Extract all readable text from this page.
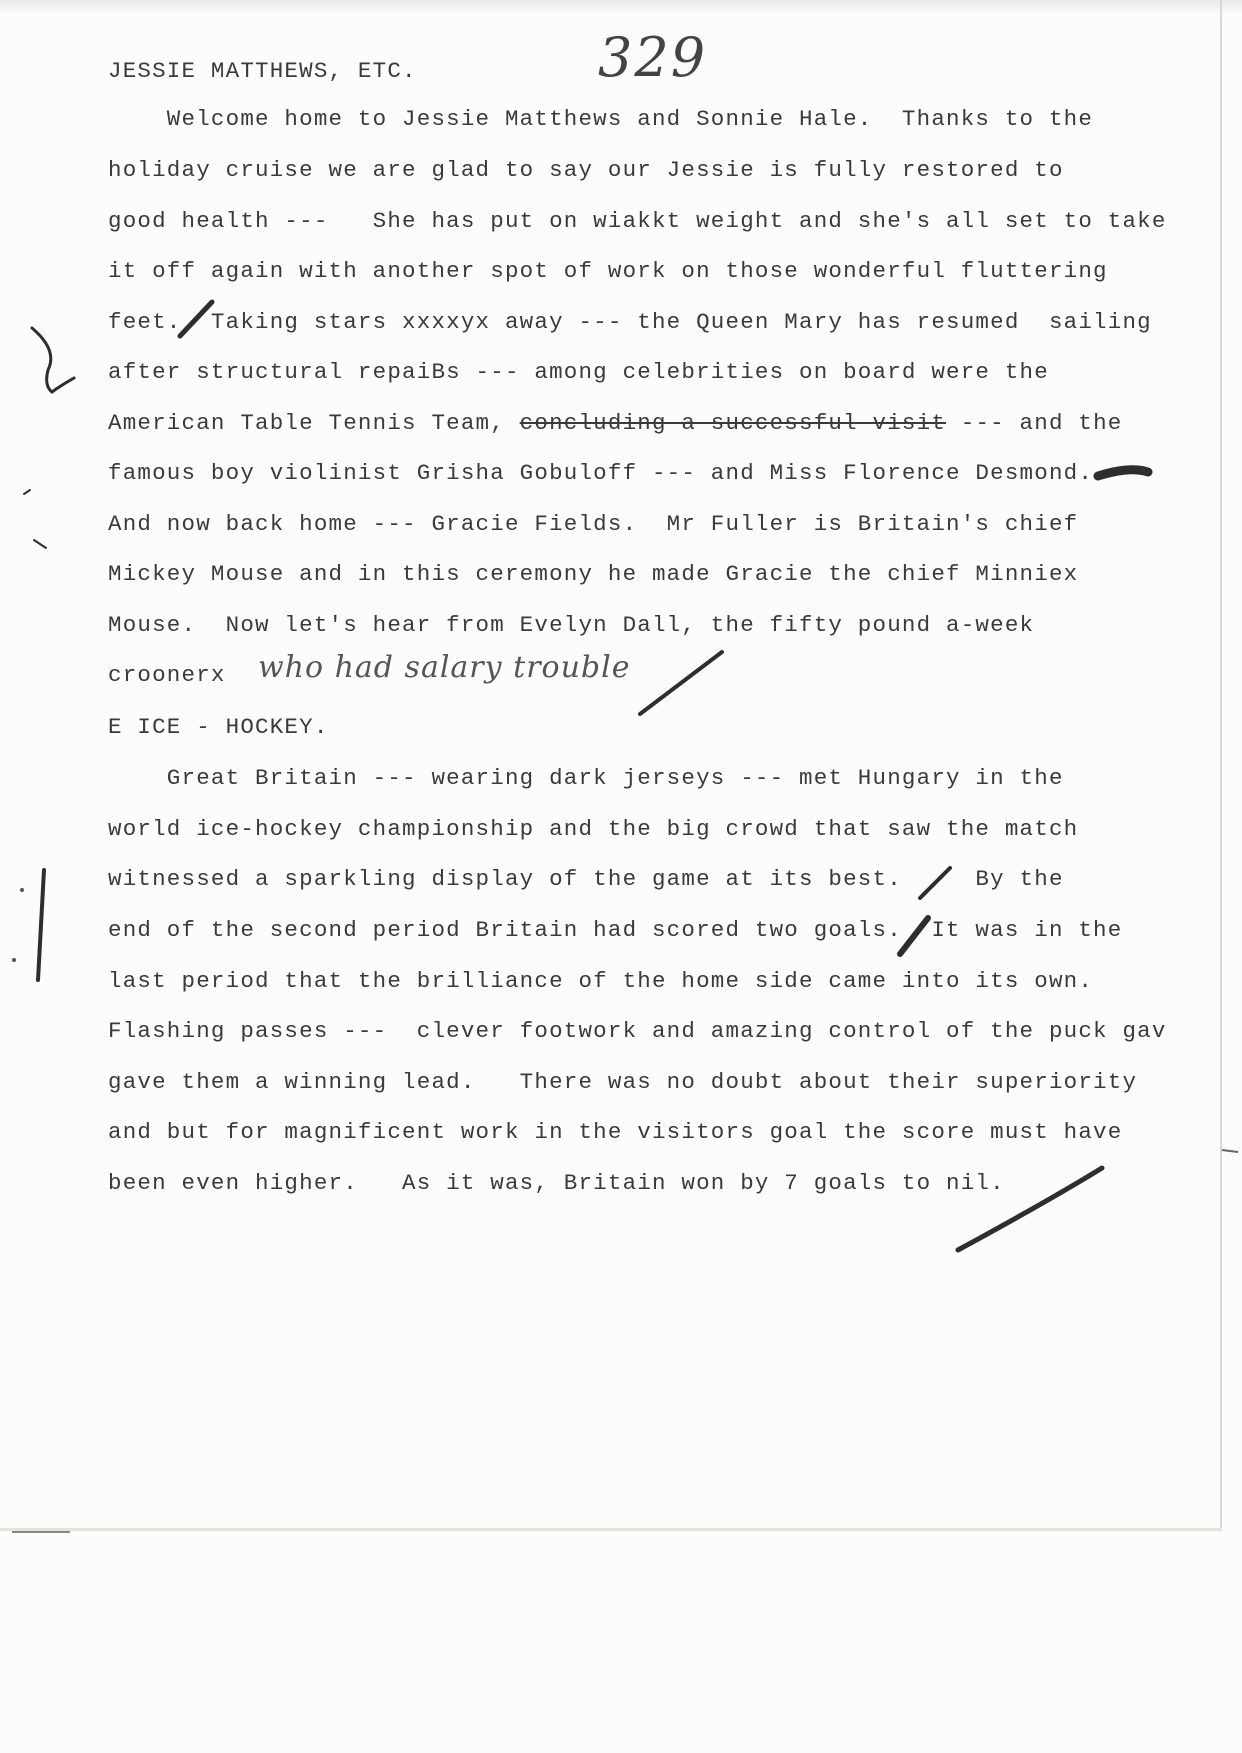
329
JESSIE MATTHEWS, ETC.
Welcome home to Jessie Matthews and Sonnie Hale.  Thanks to the
holiday cruise we are glad to say our Jessie is fully restored to
good health ---   She has put on wiakkt weight and she's all set to take
it off again with another spot of work on those wonderful fluttering
feet.  Taking stars xxxxyx away --- the Queen Mary has resumed  sailing
after structural repaiBs --- among celebrities on board were the
American Table Tennis Team, concluding a successful visit --- and the
famous boy violinist Grisha Gobuloff --- and Miss Florence Desmond.
And now back home --- Gracie Fields.  Mr Fuller is Britain's chief
Mickey Mouse and in this ceremony he made Gracie the chief Minniex
Mouse.  Now let's hear from Evelyn Dall, the fifty pound a-week
croonerx who had salary trouble
E ICE - HOCKEY.
Great Britain --- wearing dark jerseys --- met Hungary in the
world ice-hockey championship and the big crowd that saw the match
witnessed a sparkling display of the game at its best.     By the
end of the second period Britain had scored two goals.  It was in the
last period that the brilliance of the home side came into its own.
Flashing passes ---  clever footwork and amazing control of the puck gav
gave them a winning lead.   There was no doubt about their superiority
and but for magnificent work in the visitors goal the score must have
been even higher.   As it was, Britain won by 7 goals to nil.
